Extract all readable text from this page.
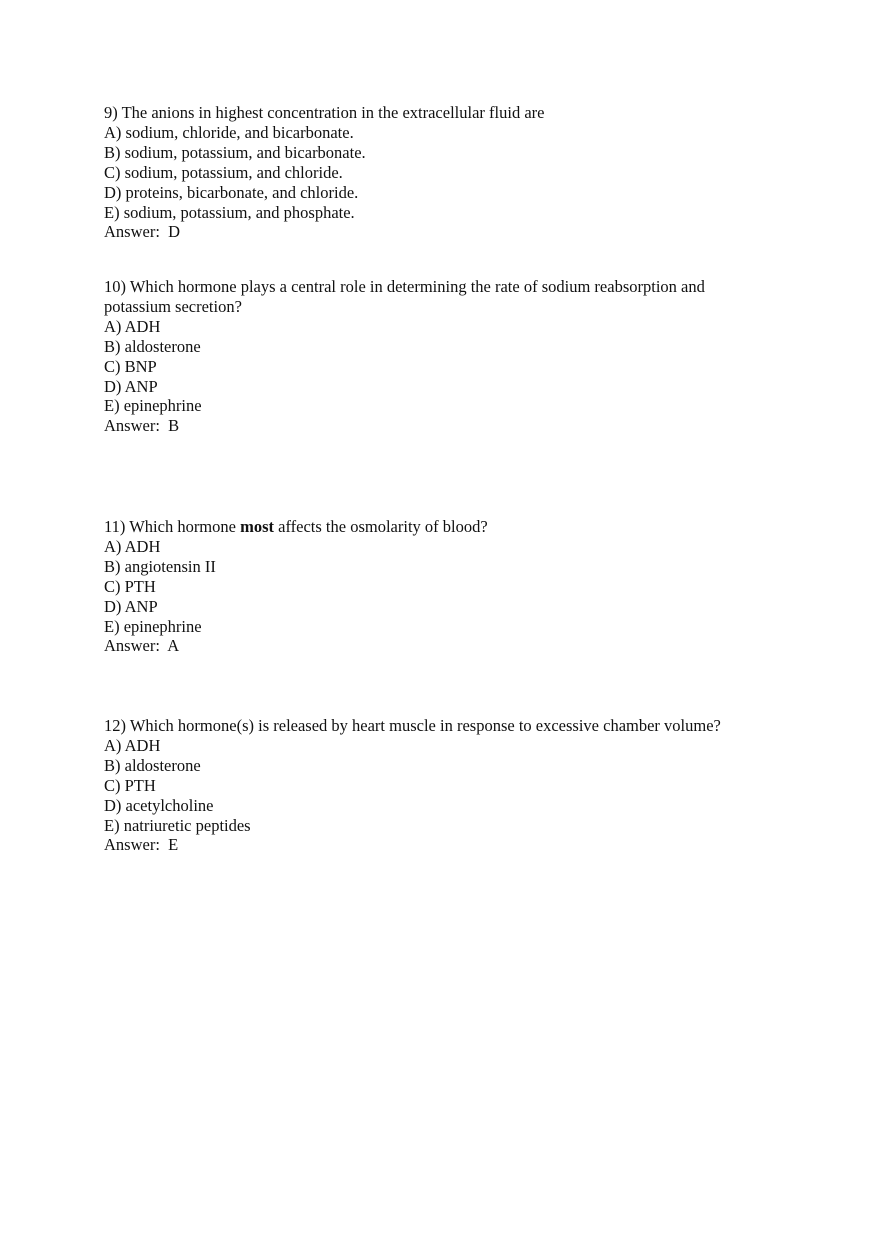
9) The anions in highest concentration in the extracellular fluid are
A) sodium, chloride, and bicarbonate.
B) sodium, potassium, and bicarbonate.
C) sodium, potassium, and chloride.
D) proteins, bicarbonate, and chloride.
E) sodium, potassium, and phosphate.
Answer:  D
10) Which hormone plays a central role in determining the rate of sodium reabsorption and
potassium secretion?
A) ADH
B) aldosterone
C) BNP
D) ANP
E) epinephrine
Answer:  B
11) Which hormone most affects the osmolarity of blood?
A) ADH
B) angiotensin II
C) PTH
D) ANP
E) epinephrine
Answer:  A
12) Which hormone(s) is released by heart muscle in response to excessive chamber volume?
A) ADH
B) aldosterone
C) PTH
D) acetylcholine
E) natriuretic peptides
Answer:  E
